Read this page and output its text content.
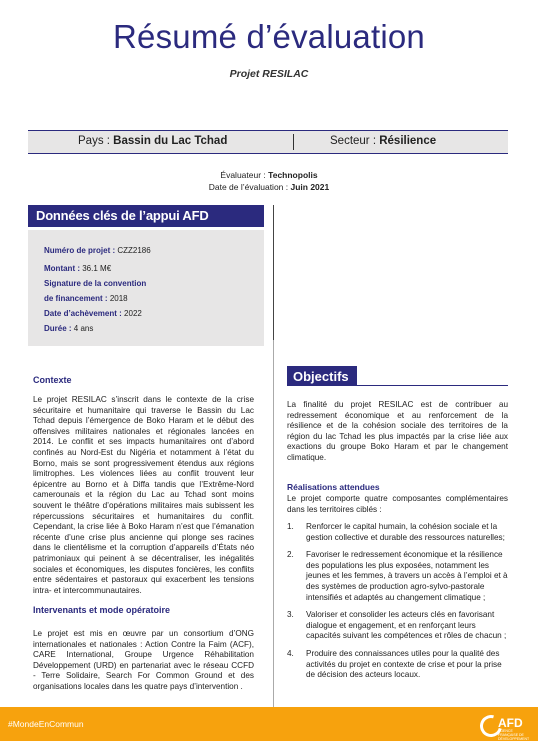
Résumé d’évaluation
Projet RESILAC
Pays : Bassin du Lac Tchad	Secteur : Résilience
Évaluateur : Technopolis
Date de l’évaluation : Juin 2021
Données clés de l’appui AFD
Numéro de projet : CZZ2186
Montant : 36.1 M€
Signature de la convention
de financement : 2018
Date d’achèvement : 2022
Durée : 4 ans
Contexte
Le projet RESILAC s’inscrit dans le contexte de la crise sécuritaire et humanitaire qui traverse le Bassin du Lac Tchad depuis l’émergence de Boko Haram et le début des offensives militaires nationales et régionales lancées en 2014. Le conflit et ses impacts humanitaires ont d’abord confinés au Nord-Est du Nigéria et notamment à l’état du Borno, mais se sont progressivement étendus aux régions limitrophes. Les violences liées au conflit trouvent leur épicentre au Borno et à Diffa tandis que l’Extrême-Nord camerounais et la région du Lac au Tchad sont moins souvent le théâtre d’opérations militaires mais subissent les répercussions sécuritaires et humanitaires du conflit. Cependant, la crise liée à Boko Haram n’est que l’émanation récente d’une crise plus ancienne qui plonge ses racines dans le clientélisme et la corruption d’appareils d’États néo patrimoniaux qui peinent à se décentraliser, les inégalités sociales et économiques, les disputes foncières, les conflits entre sédentaires et pastoraux qui exacerbent les tensions intra- et intercommunautaires.
Intervenants et mode opératoire
Le projet est mis en œuvre par un consortium d’ONG internationales et nationales : Action Contre la Faim (ACF), CARE International, Groupe Urgence Réhabilitation Développement (URD) en partenariat avec le réseau CCFD - Terre Solidaire, Search For Common Ground et des organisations locales dans les quatre pays d’intervention .
Objectifs
La finalité du projet RESILAC est de contribuer au redressement économique et au renforcement de la résilience et de la cohésion sociale des territoires de la région du lac Tchad les plus impactés par la crise liée aux exactions du groupe Boko Haram et par le changement climatique.
Réalisations attendues
Le projet comporte quatre composantes complémentaires dans les territoires ciblés :
1. Renforcer le capital humain, la cohésion sociale et la gestion collective et durable des ressources naturelles;
2. Favoriser le redressement économique et la résilience des populations les plus exposées, notamment les jeunes et les femmes, à travers un accès à l’emploi et à des systèmes de production agro-sylvo-pastorale intensifiés et adaptés au changement climatique ;
3. Valoriser et consolider les acteurs clés en favorisant dialogue et engagement, et en renforçant leurs capacités suivant les compétences et rôles de chacun ;
4. Produire des connaissances utiles pour la qualité des activités du projet en contexte de crise et pour la prise de décision des acteurs locaux.
#MondeEnCommun	AFD
AGENCE FRANÇAISE DE DÉVELOPPEMENT
